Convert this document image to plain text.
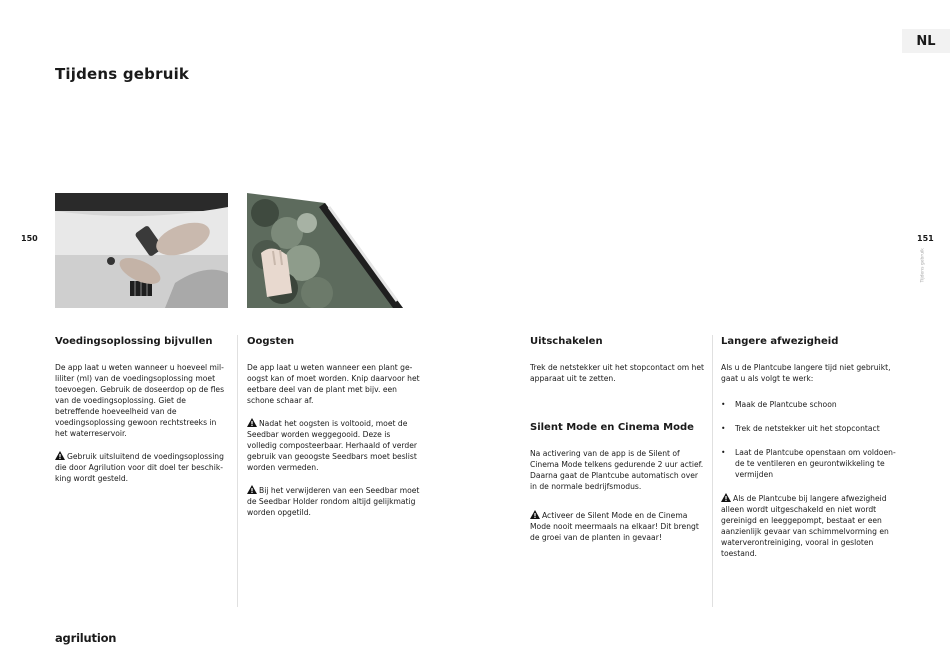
NL
Tijdens gebruik
150	151
Tijdens gebruik
Voedingsoplossing bijvullen

De app laat u weten wanneer u hoeveel milliliter (ml) van de voedingsoplossing moet toevoegen. Gebruik de doseerdop op de fles van de voedingsoplossing. Giet de betreffende hoeveelheid van de voedingsoplossing gewoon rechtstreeks in het waterreservoir.

Gebruik uitsluitend de voedingsoplossing die door Agrilution voor dit doel ter beschikking wordt gesteld.

Oogsten

De app laat u weten wanneer een plant geoogst kan of moet worden. Knip daarvoor het eetbare deel van de plant met bijv. een schone schaar af.

Nadat het oogsten is voltooid, moet de Seedbar worden weggegooid. Deze is volledig composteerbaar. Herhaald of verder gebruik van geoogste Seedbars moet beslist worden vermeden.

Bij het verwijderen van een Seedbar moet de Seedbar Holder rondom altijd gelijkmatig worden opgetild.

Uitschakelen

Trek de netstekker uit het stopcontact om het apparaat uit te zetten.

Silent Mode en Cinema Mode

Na activering van de app is de Silent of Cinema Mode telkens gedurende 2 uur actief. Daarna gaat de Plantcube automatisch over in de normale bedrijfsmodus.

Activeer de Silent Mode en de Cinema Mode nooit meermaals na elkaar! Dit brengt de groei van de planten in gevaar!

Langere afwezigheid

Als u de Plantcube langere tijd niet gebruikt, gaat u als volgt te werk:

• Maak de Plantcube schoon
• Trek de netstekker uit het stopcontact
• Laat de Plantcube openstaan om voldoende te ventileren en geurontwikkeling te vermijden

Als de Plantcube bij langere afwezigheid alleen wordt uitgeschakeld en niet wordt gereinigd en leeggepompt, bestaat er een aanzienlijk gevaar van schimmelvorming en waterverontreiniging, vooral in gesloten toestand.

agrilution
